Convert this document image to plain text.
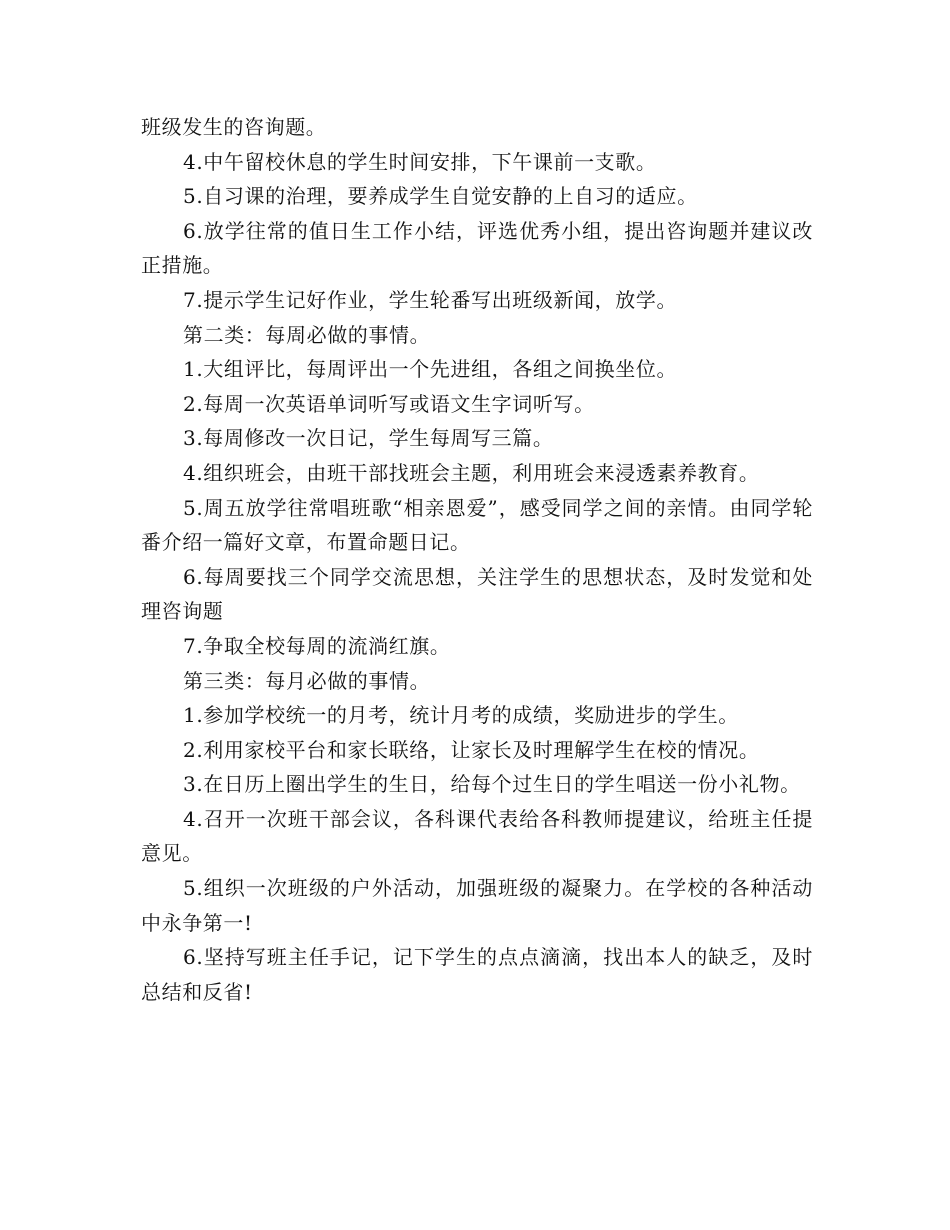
班级发生的咨询题。

4.中午留校休息的学生时间安排，下午课前一支歌。

5.自习课的治理，要养成学生自觉安静的上自习的适应。

6.放学往常的值日生工作小结，评选优秀小组，提出咨询题并建议改正措施。

7.提示学生记好作业，学生轮番写出班级新闻，放学。

第二类：每周必做的事情。

1.大组评比，每周评出一个先进组，各组之间换坐位。

2.每周一次英语单词听写或语文生字词听写。

3.每周修改一次日记，学生每周写三篇。

4.组织班会，由班干部找班会主题，利用班会来浸透素养教育。

5.周五放学往常唱班歌“相亲恩爱”，感受同学之间的亲情。由同学轮番介绍一篇好文章，布置命题日记。

6.每周要找三个同学交流思想，关注学生的思想状态，及时发觉和处理咨询题

7.争取全校每周的流淌红旗。

第三类：每月必做的事情。

1.参加学校统一的月考，统计月考的成绩，奖励进步的学生。

2.利用家校平台和家长联络，让家长及时理解学生在校的情况。

3.在日历上圈出学生的生日，给每个过生日的学生唱送一份小礼物。

4.召开一次班干部会议，各科课代表给各科教师提建议，给班主任提意见。

5.组织一次班级的户外活动，加强班级的凝聚力。在学校的各种活动中永争第一!

6.坚持写班主任手记，记下学生的点点滴滴，找出本人的缺乏，及时总结和反省!
